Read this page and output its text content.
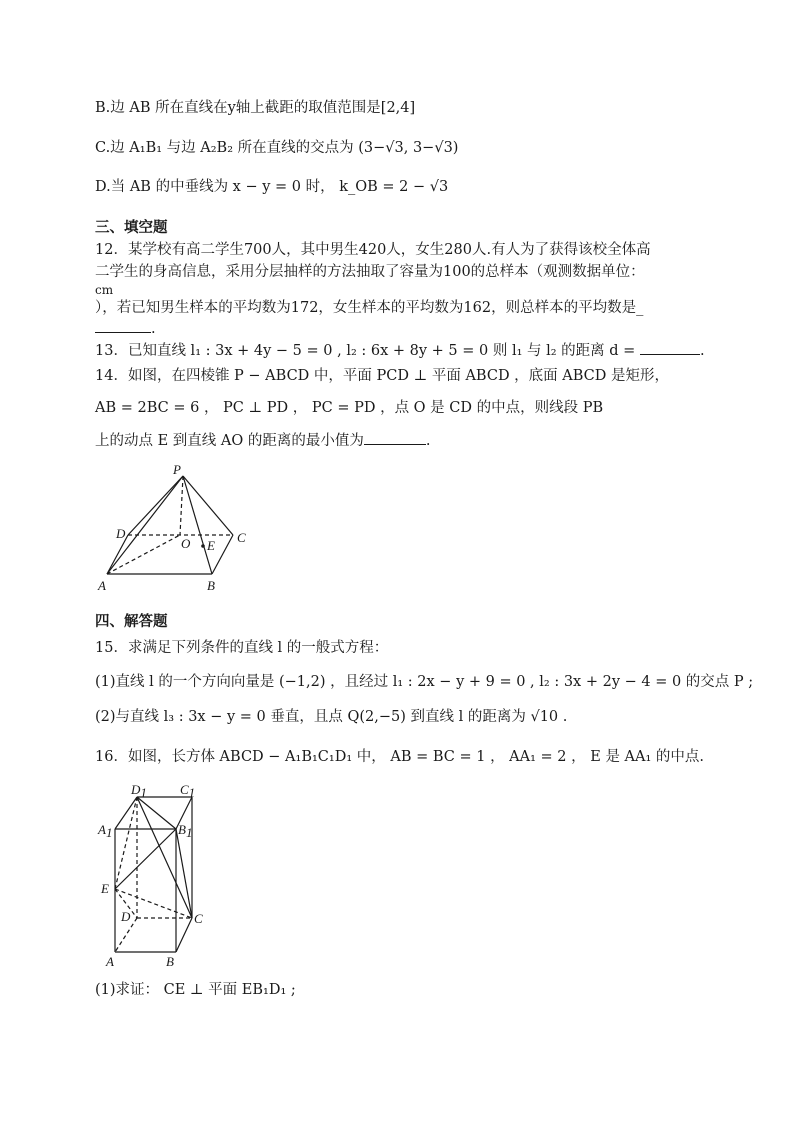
B.边 AB 所在直线在y轴上截距的取值范围是[2,4]
C.边 A₁B₁ 与边 A₂B₂ 所在直线的交点为 (3−√3, 3−√3)
D.当 AB 的中垂线为 x − y = 0 时， k_OB = 2 − √3
三、填空题
12．某学校有高二学生700人，其中男生420人，女生280人.有人为了获得该校全体高
二学生的身高信息，采用分层抽样的方法抽取了容量为100的总样本（观测数据单位：
cm
），若已知男生样本的平均数为172，女生样本的平均数为162，则总样本的平均数是_
.
13．已知直线 l₁ : 3x + 4y − 5 = 0 , l₂ : 6x + 8y + 5 = 0 则 l₁ 与 l₂ 的距离 d =	.
14．如图，在四棱锥 P − ABCD 中，平面 PCD ⊥ 平面 ABCD ，底面 ABCD 是矩形，
AB = 2BC = 6 ， PC ⊥ PD ， PC = PD ，点 O 是 CD 的中点，则线段 PB
上的动点 E 到直线 AO 的距离的最小值为	.
P
D	C
O E
A	B
四、解答题
15．求满足下列条件的直线 l 的一般式方程：
(1)直线 l 的一个方向向量是 (−1,2) ，且经过 l₁ : 2x − y + 9 = 0 , l₂ : 3x + 2y − 4 = 0 的交点 P ;
(2)与直线 l₃ : 3x − y = 0 垂直，且点 Q(2,−5) 到直线 l 的距离为 √10 .
16．如图，长方体 ABCD − A₁B₁C₁D₁ 中， AB = BC = 1 ， AA₁ = 2 ， E 是 AA₁ 的中点.
D1	C1
A1	B1
E
D	C
A	B
(1)求证： CE ⊥ 平面 EB₁D₁ ;
